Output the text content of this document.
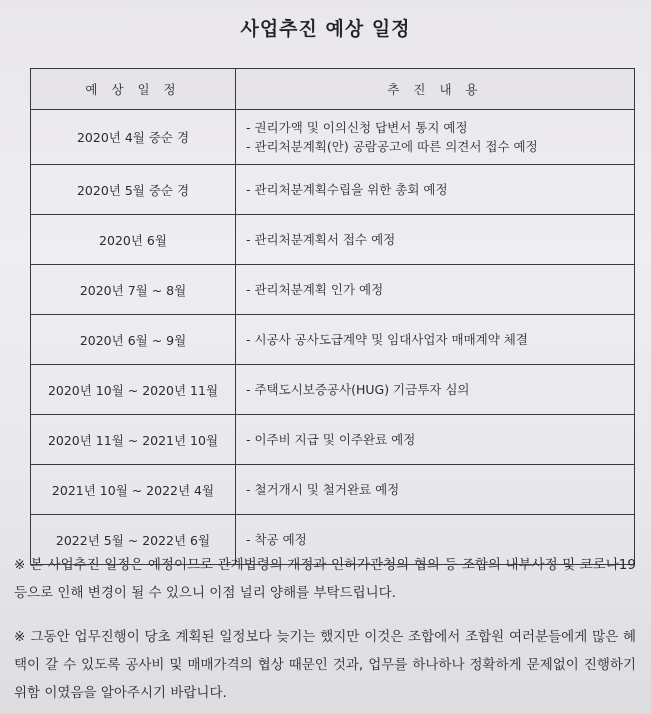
사업추진 예상 일정
예 상 일 정	추 진 내 용
2020년 4월 중순 경	- 권리가액 및 이의신청 답변서 통지 예정
- 관리처분계획(안) 공람공고에 따른 의견서 접수 예정

2020년 5월 중순 경	- 관리처분계획수립을 위한 총회 예정

2020년 6월	- 관리처분계획서 접수 예정

2020년 7월 ~ 8월	- 관리처분계획 인가 예정

2020년 6월 ~ 9월	- 시공사 공사도급계약 및 임대사업자 매매계약 체결

2020년 10월 ~ 2020년 11월	- 주택도시보증공사(HUG) 기금투자 심의

2020년 11월 ~ 2021년 10월	- 이주비 지급 및 이주완료 예정

2021년 10월 ~ 2022년 4월	- 철거개시 및 철거완료 예정

2022년 5월 ~ 2022년 6월	- 착공 예정
※ 본 사업추진 일정은 예정이므로 관계법령의 개정과 인허가관청의 협의 등 조합의 내부사정 및 코로나19 등으로 인해 변경이 될 수 있으니 이점 널리 양해를 부탁드립니다.
※ 그동안 업무진행이 당초 계획된 일정보다 늦기는 했지만 이것은 조합에서 조합원 여러분들에게 많은 혜택이 갈 수 있도록 공사비 및 매매가격의 협상 때문인 것과, 업무를 하나하나 정확하게 문제없이 진행하기 위함 이였음을 알아주시기 바랍니다.
